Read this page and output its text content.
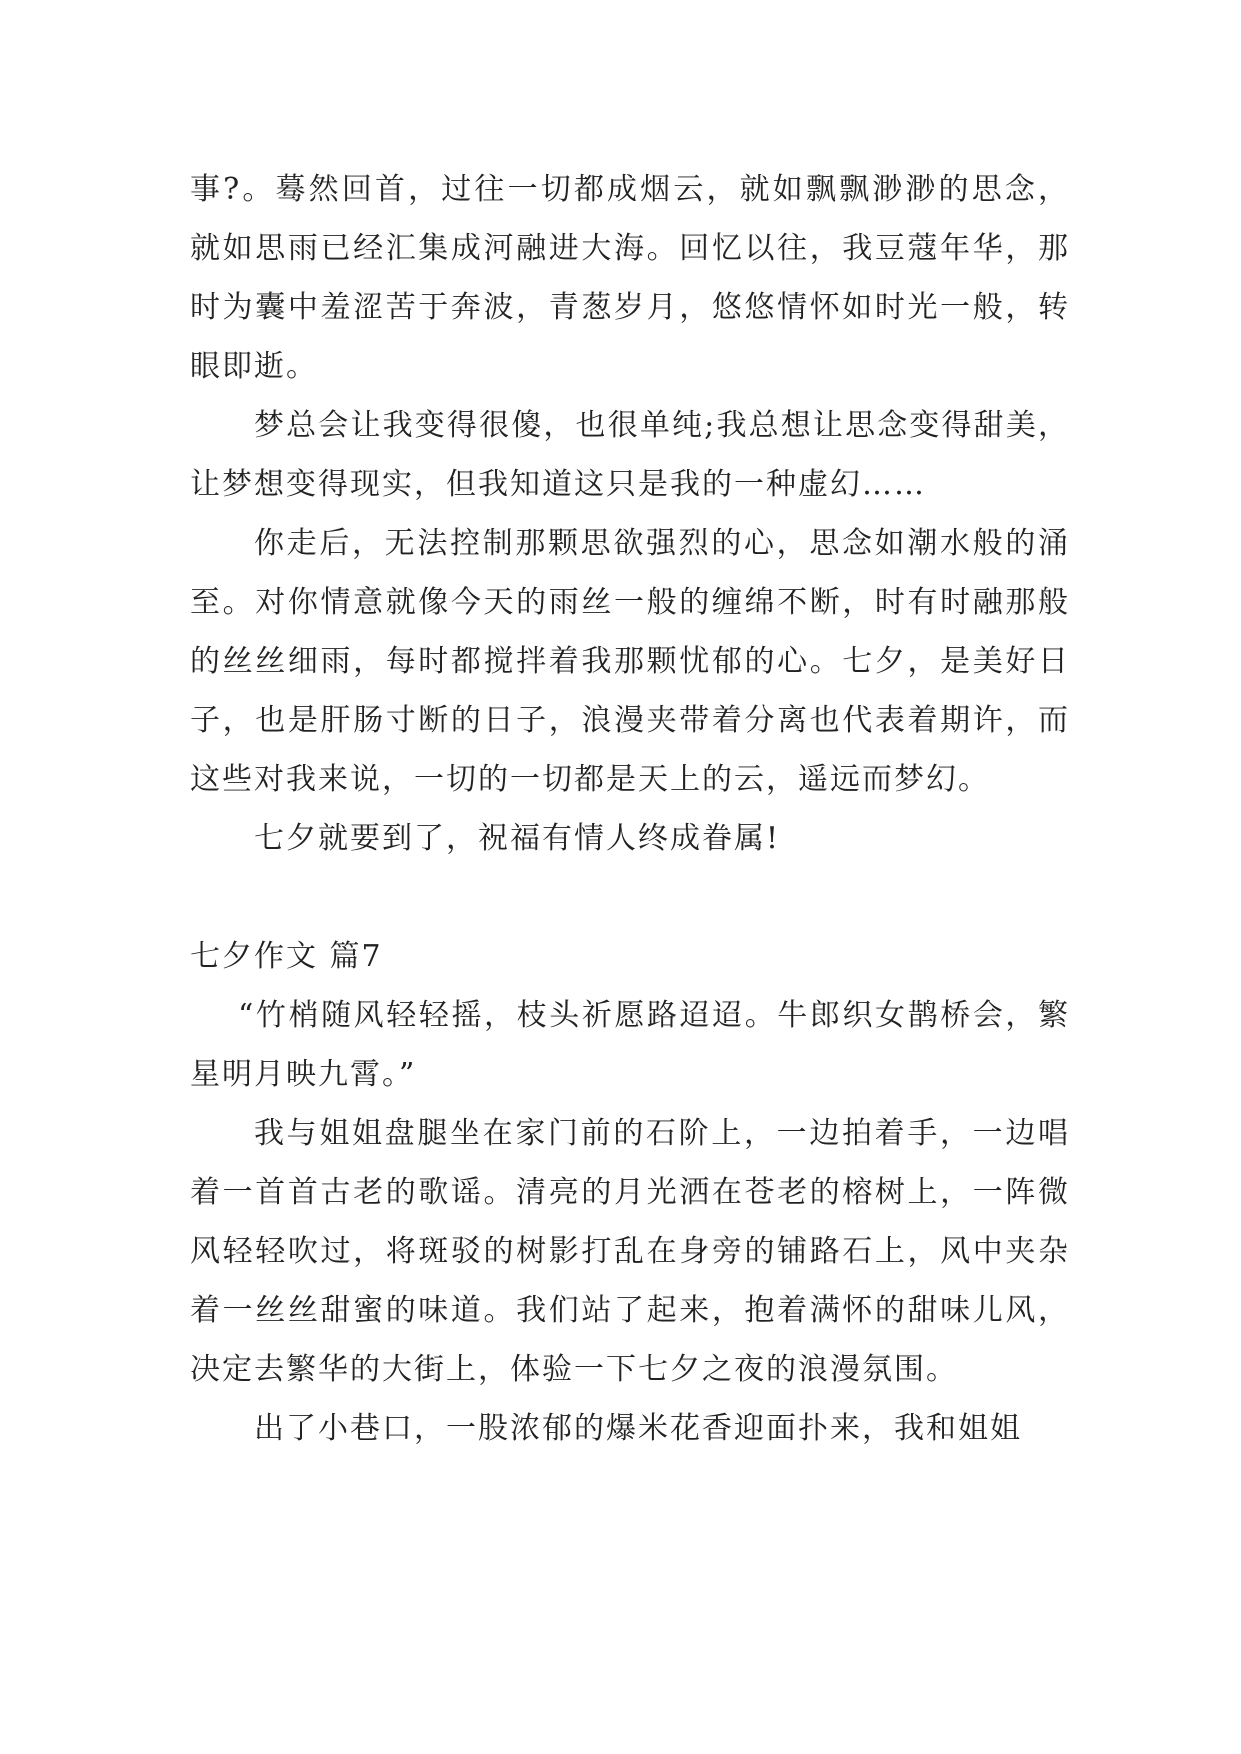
事?。蓦然回首，过往一切都成烟云，就如飘飘渺渺的思念，就如思雨已经汇集成河融进大海。回忆以往，我豆蔻年华，那时为囊中羞涩苦于奔波，青葱岁月，悠悠情怀如时光一般，转眼即逝。

梦总会让我变得很傻，也很单纯;我总想让思念变得甜美，让梦想变得现实，但我知道这只是我的一种虚幻……

你走后，无法控制那颗思欲强烈的心，思念如潮水般的涌至。对你情意就像今天的雨丝一般的缠绵不断，时有时融那般的丝丝细雨，每时都搅拌着我那颗忧郁的心。七夕，是美好日子，也是肝肠寸断的日子，浪漫夹带着分离也代表着期许，而这些对我来说，一切的一切都是天上的云，遥远而梦幻。

七夕就要到了，祝福有情人终成眷属!

七夕作文 篇7

“竹梢随风轻轻摇，枝头祈愿路迢迢。牛郎织女鹊桥会，繁星明月映九霄。”

我与姐姐盘腿坐在家门前的石阶上，一边拍着手，一边唱着一首首古老的歌谣。清亮的月光洒在苍老的榕树上，一阵微风轻轻吹过，将斑驳的树影打乱在身旁的铺路石上，风中夹杂着一丝丝甜蜜的味道。我们站了起来，抱着满怀的甜味儿风，决定去繁华的大街上，体验一下七夕之夜的浪漫氛围。

出了小巷口，一股浓郁的爆米花香迎面扑来，我和姐姐
